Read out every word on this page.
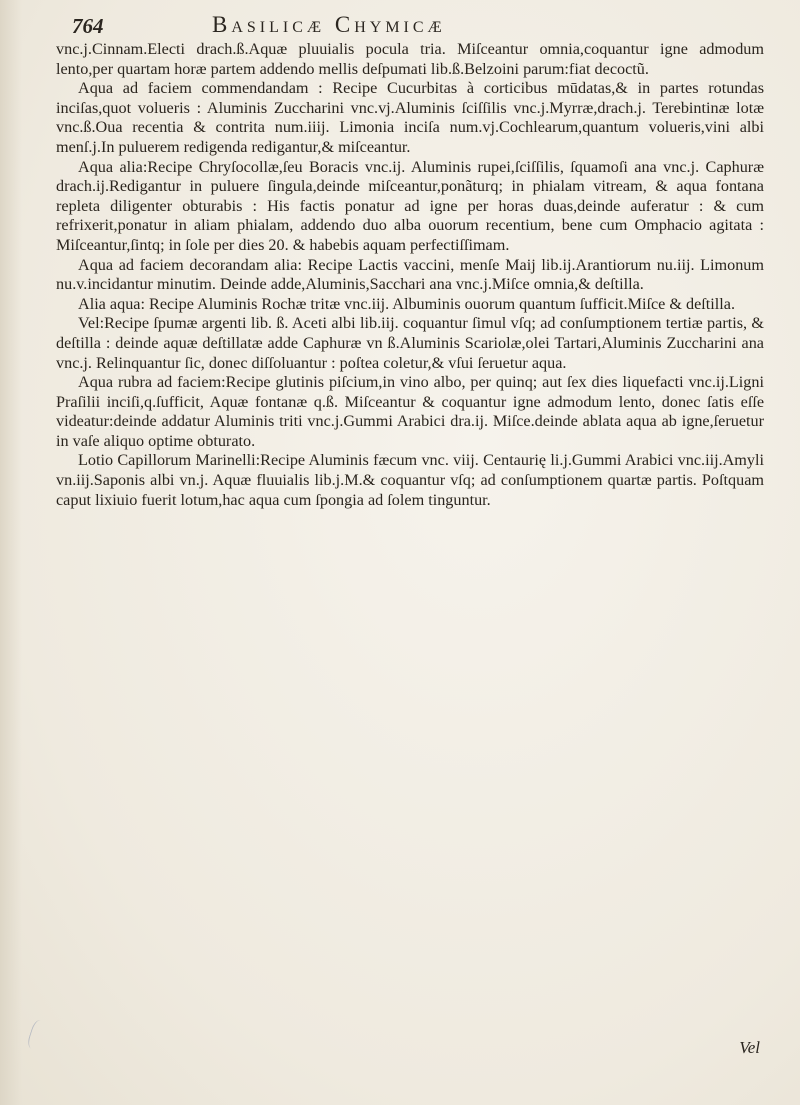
764	Basilicæ Chymicæ

vnc.j.Cinnam.Electi drach.ß.Aquæ pluuialis pocula tria. Miſceantur omnia,coquantur igne admodum lento,per quartam horæ partem addendo mellis deſpumati lib.ß.Belzoini parum:fiat decoctũ.

Aqua ad faciem commendandam : Recipe Cucurbitas à corticibus mūdatas,& in partes rotundas inciſas,quot volueris : Aluminis Zuccharini vnc.vj.Aluminis ſciſſilis vnc.j.Myrræ,drach.j. Terebintinæ lotæ vnc.ß.Oua recentia & contrita num.iiij. Limonia inciſa num.vj.Cochlearum,quantum volueris,vini albi menſ.j.In puluerem redigenda redigantur,& miſceantur.

Aqua alia:Recipe Chryſocollæ,ſeu Boracis vnc.ij. Aluminis rupei,ſciſſilis, ſquamoſi ana vnc.j. Caphuræ drach.ij.Redigantur in puluere ſingula,deinde miſceantur,ponãturq; in phialam vitream, & aqua fontana repleta diligenter obturabis : His factis ponatur ad igne per horas duas,deinde auferatur : & cum refrixerit,ponatur in aliam phialam, addendo duo alba ouorum recentium, bene cum Omphacio agitata : Miſceantur,ſintq; in ſole per dies 20. & habebis aquam perfectiſſimam.

Aqua ad faciem decorandam alia: Recipe Lactis vaccini, menſe Maij lib.ij.Arantiorum nu.iij. Limonum nu.v.incidantur minutim. Deinde adde,Aluminis,Sacchari ana vnc.j.Miſce omnia,& deſtilla.

Alia aqua: Recipe Aluminis Rochæ tritæ vnc.iij. Albuminis ouorum quantum ſufficit.Miſce & deſtilla.

Vel:Recipe ſpumæ argenti lib. ß. Aceti albi lib.iij. coquantur ſimul vſq; ad conſumptionem tertiæ partis, & deſtilla : deinde aquæ deſtillatæ adde Caphuræ vn ß.Aluminis Scariolæ,olei Tartari,Aluminis Zuccharini ana vnc.j. Relinquantur ſic, donec diſſoluantur : poſtea coletur,& vſui ſeruetur aqua.

Aqua rubra ad faciem:Recipe glutinis piſcium,in vino albo, per quinq; aut ſex dies liquefacti vnc.ij.Ligni Praſilii inciſi,q.ſufficit, Aquæ fontanæ q.ß. Miſceantur & coquantur igne admodum lento, donec ſatis eſſe videatur:deinde addatur Aluminis triti vnc.j.Gummi Arabici dra.ij. Miſce.deinde ablata aqua ab igne,ſeruetur in vaſe aliquo optime obturato.

Lotio Capillorum Marinelli:Recipe Aluminis fæcum vnc. viij. Centaurię li.j.Gummi Arabici vnc.iij.Amyli vn.iij.Saponis albi vn.j. Aquæ fluuialis lib.j.M.& coquantur vſq; ad conſumptionem quartæ partis. Poſtquam caput lixiuio fuerit lotum,hac aqua cum ſpongia ad ſolem tinguntur.

Vel
